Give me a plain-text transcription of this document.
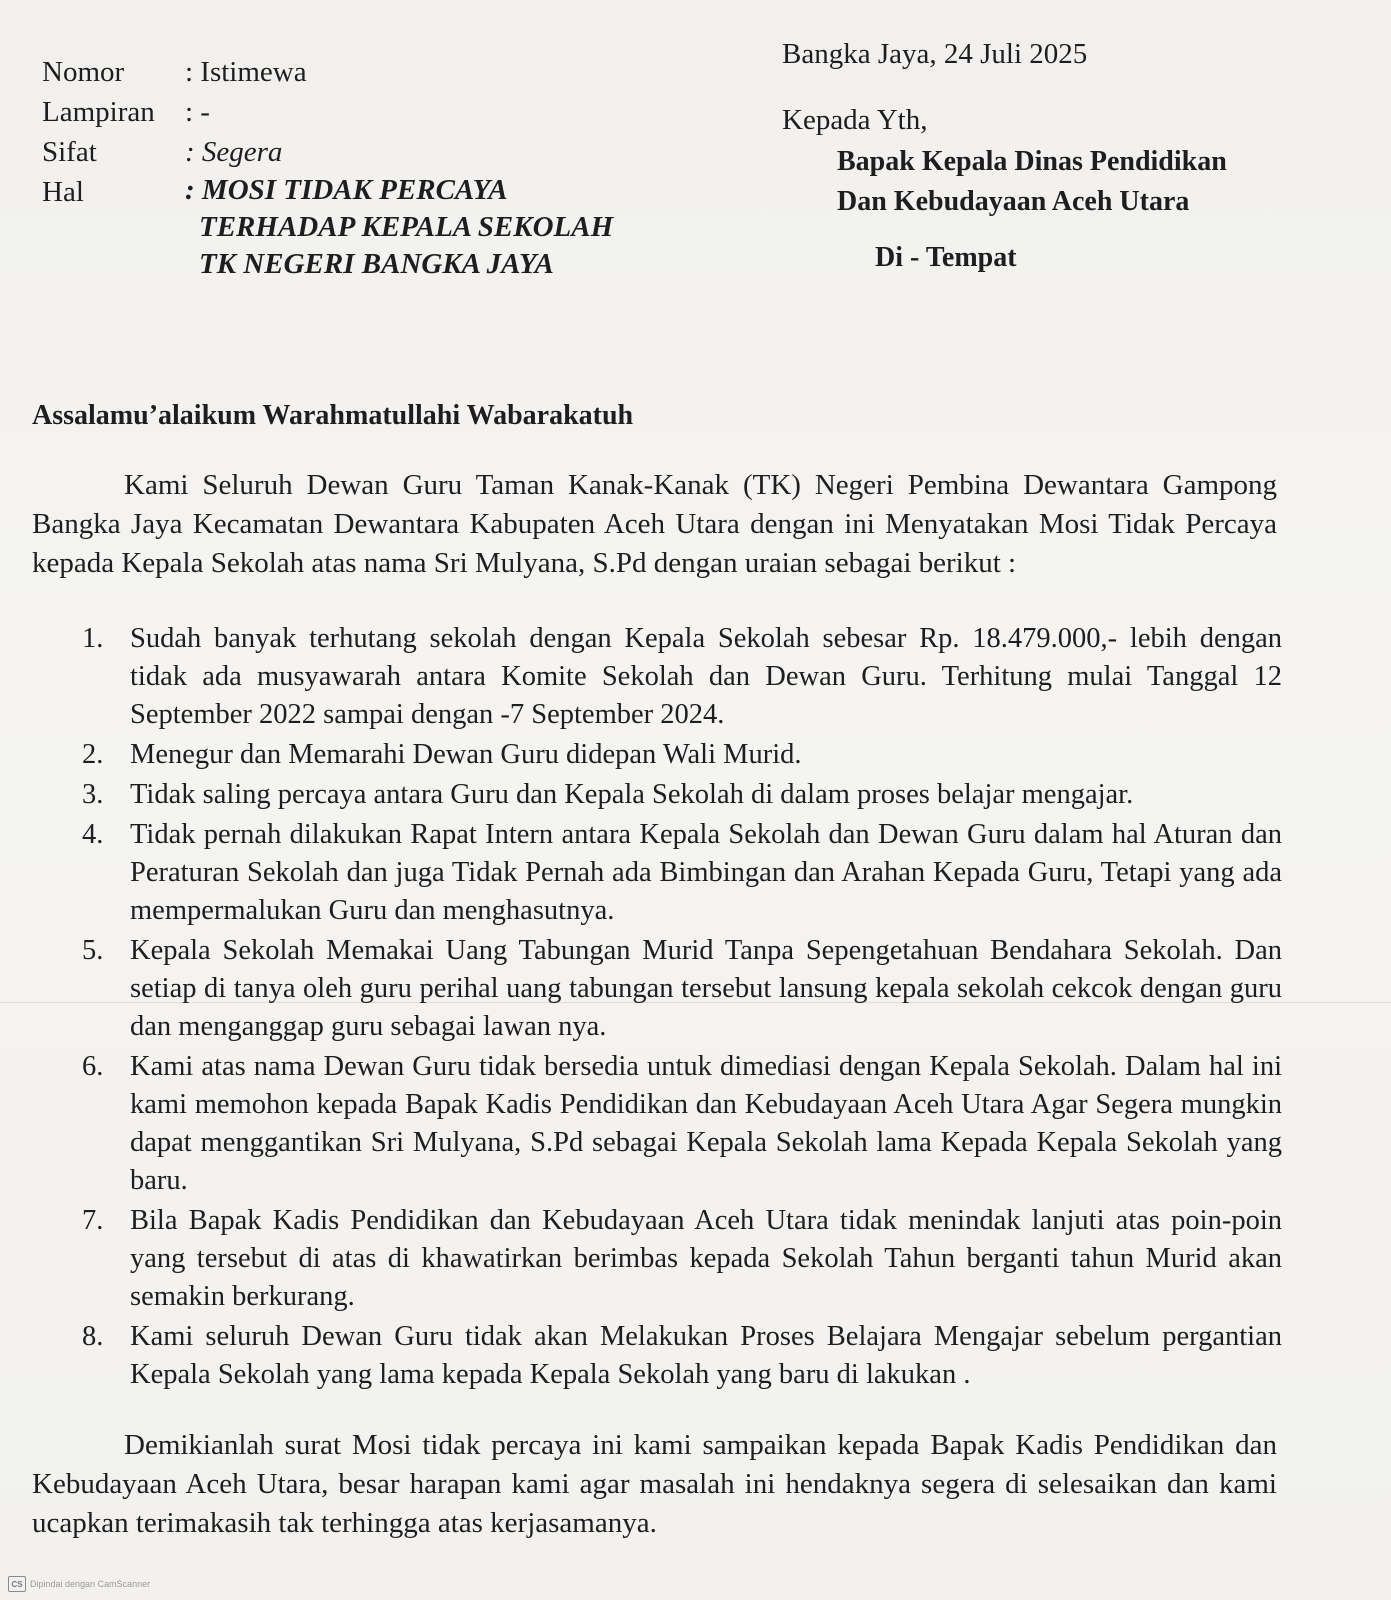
Nomor	: Istimewa
Lampiran	: -
Sifat	: Segera
Hal	: MOSI TIDAK PERCAYA
TERHADAP KEPALA SEKOLAH
TK NEGERI BANGKA JAYA
Bangka Jaya, 24 Juli 2025
Kepada Yth,
Bapak Kepala Dinas Pendidikan
Dan Kebudayaan Aceh Utara
Di - Tempat
Assalamu’alaikum Warahmatullahi Wabarakatuh
Kami Seluruh Dewan Guru Taman Kanak-Kanak (TK) Negeri Pembina Dewantara Gampong Bangka Jaya Kecamatan Dewantara Kabupaten Aceh Utara dengan ini Menyatakan Mosi Tidak Percaya kepada Kepala Sekolah atas nama Sri Mulyana, S.Pd dengan uraian sebagai berikut :
1. Sudah banyak terhutang sekolah dengan Kepala Sekolah sebesar Rp. 18.479.000,- lebih dengan tidak ada musyawarah antara Komite Sekolah dan Dewan Guru. Terhitung mulai Tanggal 12 September 2022 sampai dengan -7 September 2024.
2. Menegur dan Memarahi Dewan Guru didepan Wali Murid.
3. Tidak saling percaya antara Guru dan Kepala Sekolah di dalam proses belajar mengajar.
4. Tidak pernah dilakukan Rapat Intern antara Kepala Sekolah dan Dewan Guru dalam hal Aturan dan Peraturan Sekolah dan juga Tidak Pernah ada Bimbingan dan Arahan Kepada Guru, Tetapi yang ada mempermalukan Guru dan menghasutnya.
5. Kepala Sekolah Memakai Uang Tabungan Murid Tanpa Sepengetahuan Bendahara Sekolah. Dan setiap di tanya oleh guru perihal uang tabungan tersebut lansung kepala sekolah cekcok dengan guru dan menganggap guru sebagai lawan nya.
6. Kami atas nama Dewan Guru tidak bersedia untuk dimediasi dengan Kepala Sekolah. Dalam hal ini kami memohon kepada Bapak Kadis Pendidikan dan Kebudayaan Aceh Utara Agar Segera mungkin dapat menggantikan Sri Mulyana, S.Pd sebagai Kepala Sekolah lama Kepada Kepala Sekolah yang baru.
7. Bila Bapak Kadis Pendidikan dan Kebudayaan Aceh Utara tidak menindak lanjuti atas poin-poin yang tersebut di atas di khawatirkan berimbas kepada Sekolah Tahun berganti tahun Murid akan semakin berkurang.
8. Kami seluruh Dewan Guru tidak akan Melakukan Proses Belajara Mengajar sebelum pergantian Kepala Sekolah yang lama kepada Kepala Sekolah yang baru di lakukan .
Demikianlah surat Mosi tidak percaya ini kami sampaikan kepada Bapak Kadis Pendidikan dan Kebudayaan Aceh Utara, besar harapan kami agar masalah ini hendaknya segera di selesaikan dan kami ucapkan terimakasih tak terhingga atas kerjasamanya.
CS Dipindai dengan CamScanner
